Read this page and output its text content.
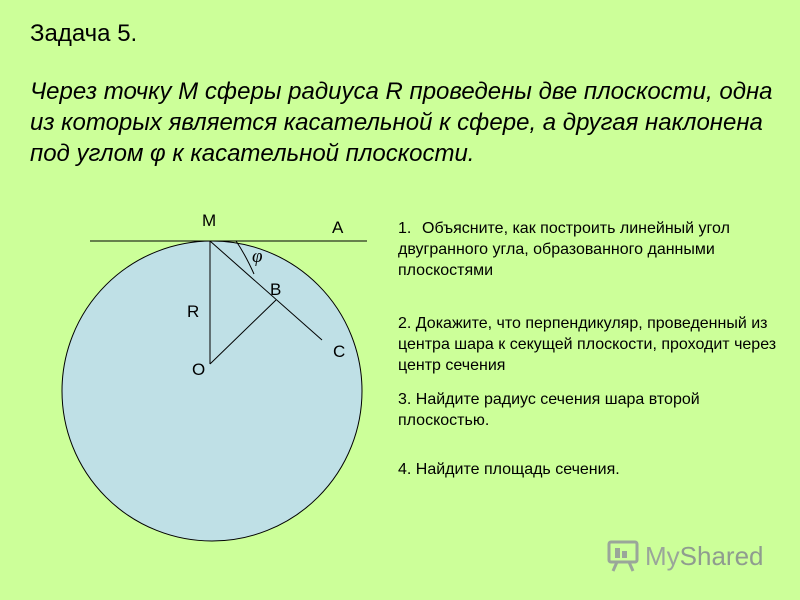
Задача 5.
Через точку М сферы радиуса R проведены две плоскости, одна из которых является касательной к сфере, а другая наклонена под углом φ к касательной плоскости.
М	А
φ
В
R
С
О
1. Объясните, как построить линейный угол двугранного угла, образованного данными плоскостями
2. Докажите, что перпендикуляр, проведенный из центра шара к секущей плоскости, проходит через центр сечения
3. Найдите радиус сечения шара второй плоскостью.
4. Найдите площадь сечения.
MyShared
